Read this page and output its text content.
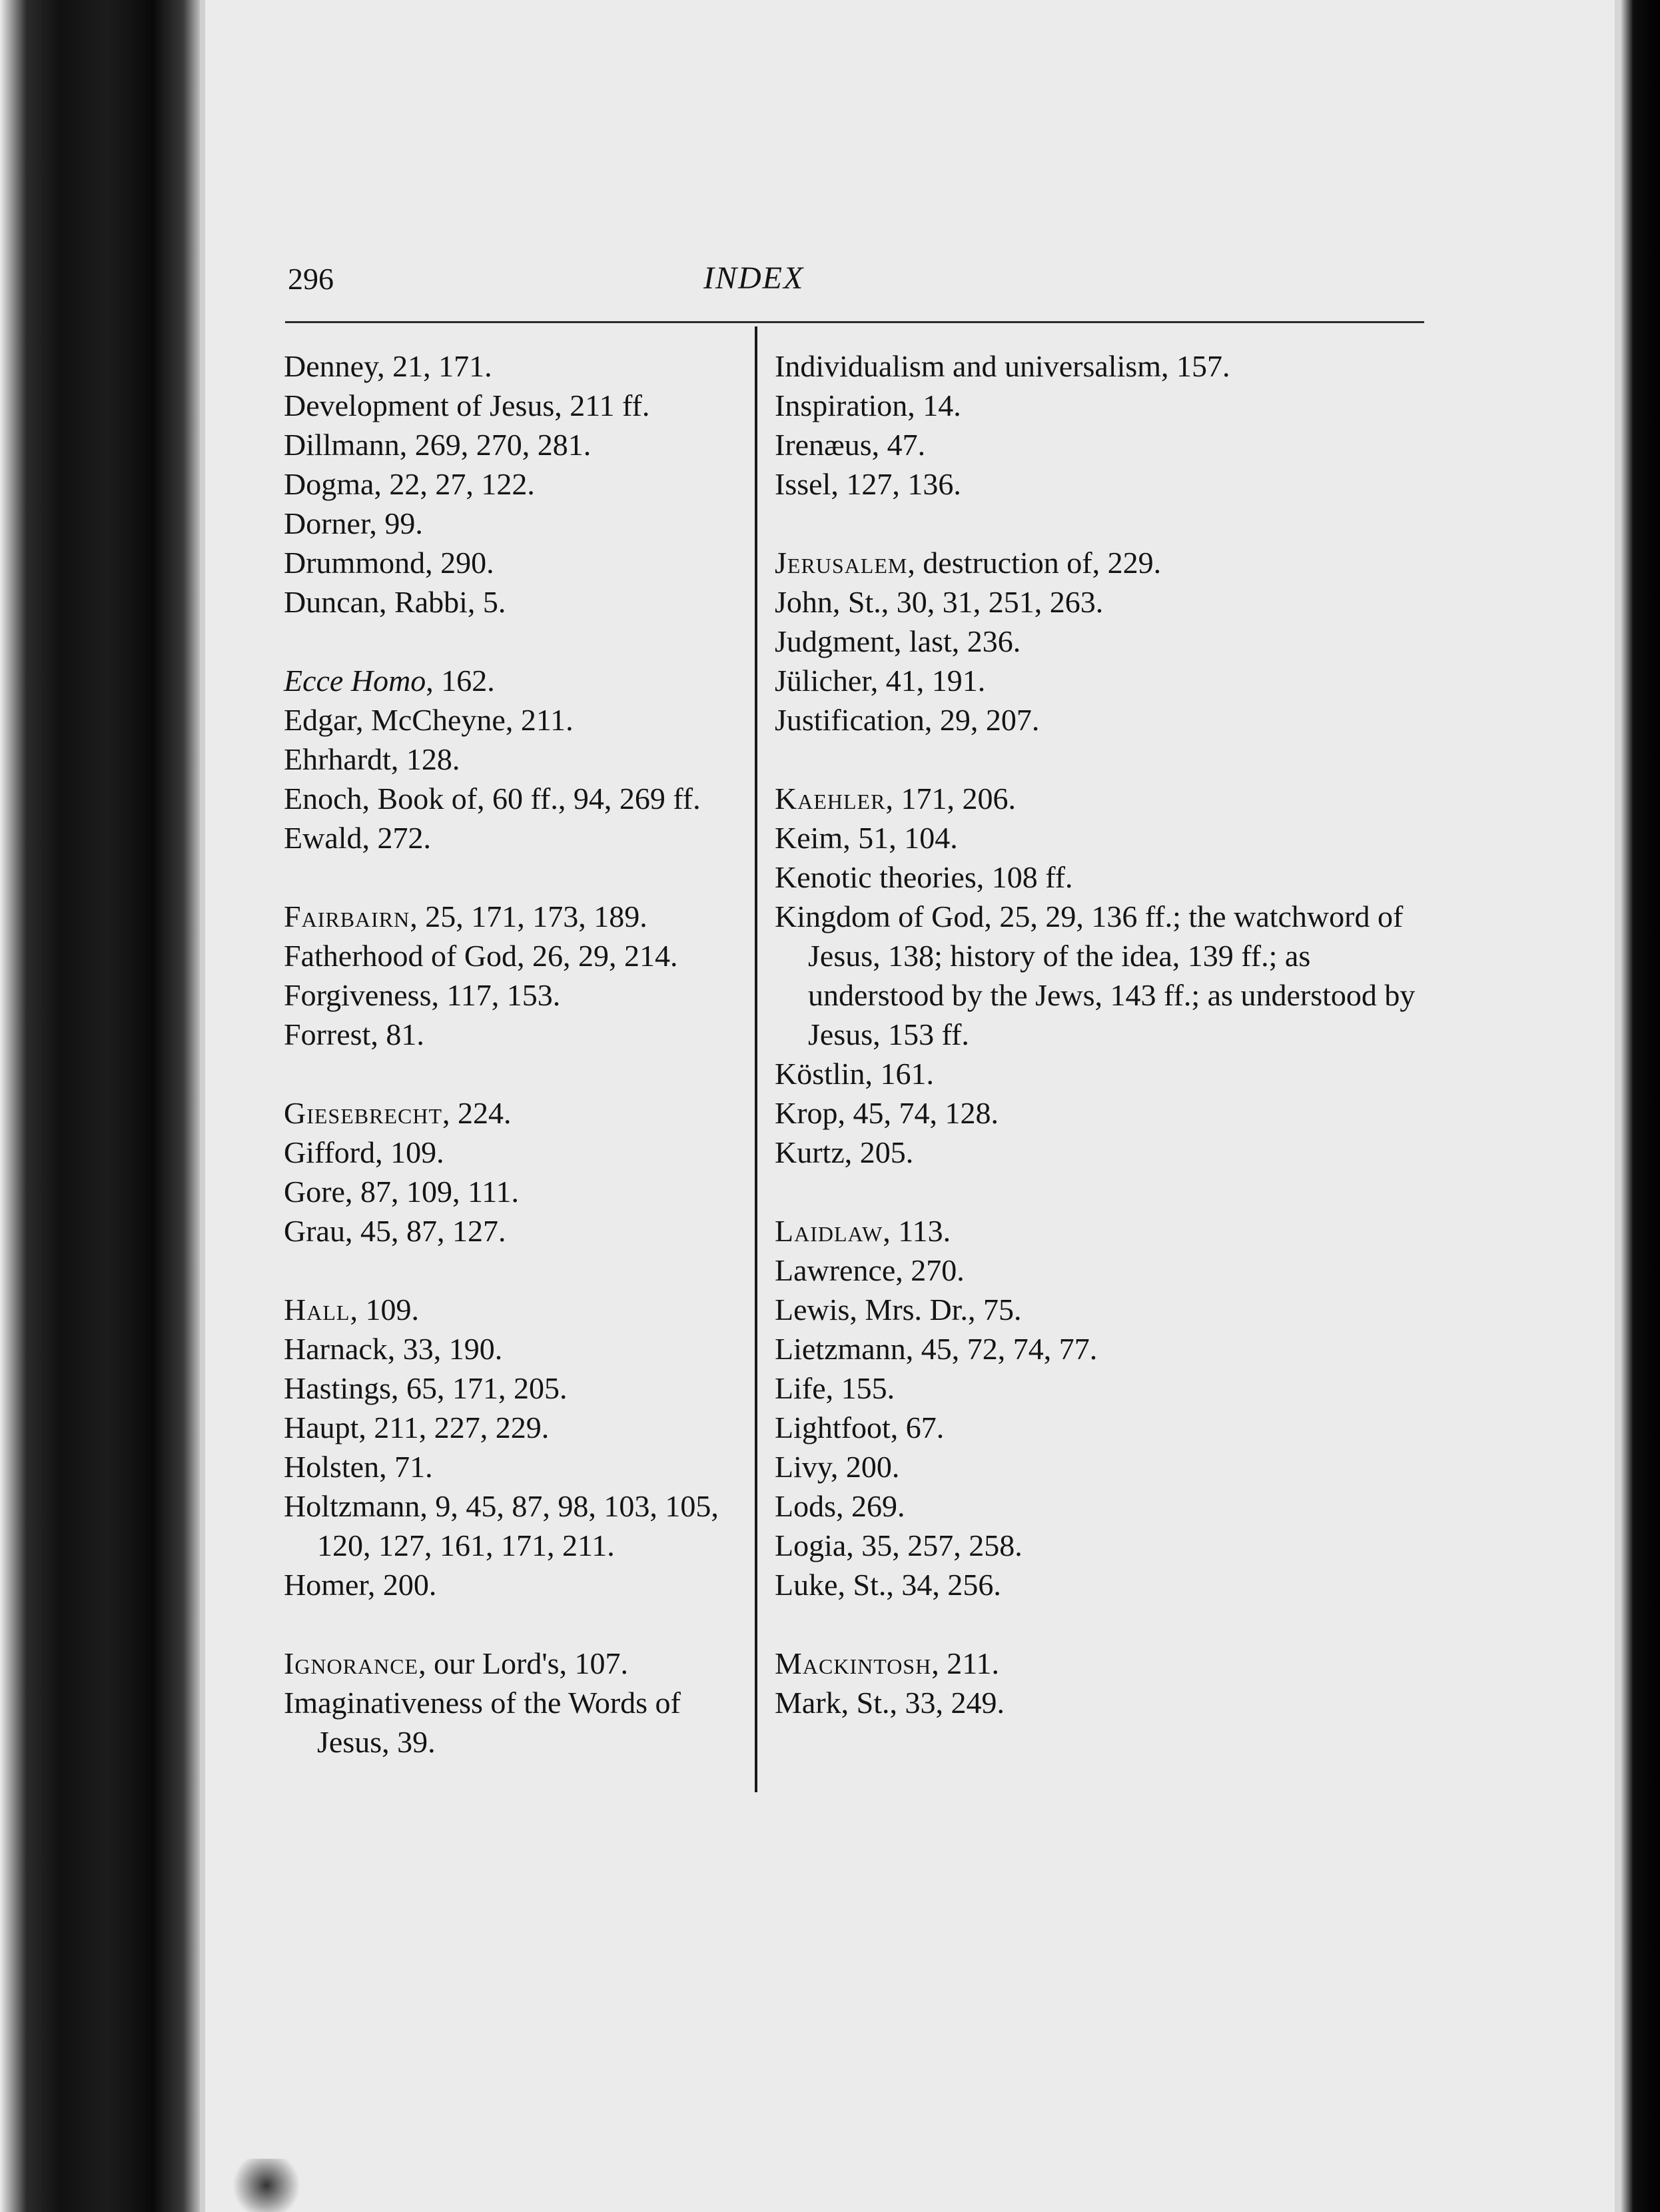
296	INDEX

Denney, 21, 171.

Development of Jesus, 211 ff.

Dillmann, 269, 270, 281.

Dogma, 22, 27, 122.

Dorner, 99.

Drummond, 290.

Duncan, Rabbi, 5.

Ecce Homo, 162.

Edgar, McCheyne, 211.

Ehrhardt, 128.

Enoch, Book of, 60 ff., 94, 269 ff.

Ewald, 272.

Fairbairn, 25, 171, 173, 189.

Fatherhood of God, 26, 29, 214.

Forgiveness, 117, 153.

Forrest, 81.

Giesebrecht, 224.

Gifford, 109.

Gore, 87, 109, 111.

Grau, 45, 87, 127.

Hall, 109.

Harnack, 33, 190.

Hastings, 65, 171, 205.

Haupt, 211, 227, 229.

Holsten, 71.

Holtzmann, 9, 45, 87, 98, 103, 105, 120, 127, 161, 171, 211.

Homer, 200.

Ignorance, our Lord's, 107.

Imaginativeness of the Words of Jesus, 39.

Individualism and universalism, 157.

Inspiration, 14.

Irenæus, 47.

Issel, 127, 136.

Jerusalem, destruction of, 229.

John, St., 30, 31, 251, 263.

Judgment, last, 236.

Jülicher, 41, 191.

Justification, 29, 207.

Kaehler, 171, 206.

Keim, 51, 104.

Kenotic theories, 108 ff.

Kingdom of God, 25, 29, 136 ff.; the watchword of Jesus, 138; history of the idea, 139 ff.; as understood by the Jews, 143 ff.; as understood by Jesus, 153 ff.

Köstlin, 161.

Krop, 45, 74, 128.

Kurtz, 205.

Laidlaw, 113.

Lawrence, 270.

Lewis, Mrs. Dr., 75.

Lietzmann, 45, 72, 74, 77.

Life, 155.

Lightfoot, 67.

Livy, 200.

Lods, 269.

Logia, 35, 257, 258.

Luke, St., 34, 256.

Mackintosh, 211.

Mark, St., 33, 249.
